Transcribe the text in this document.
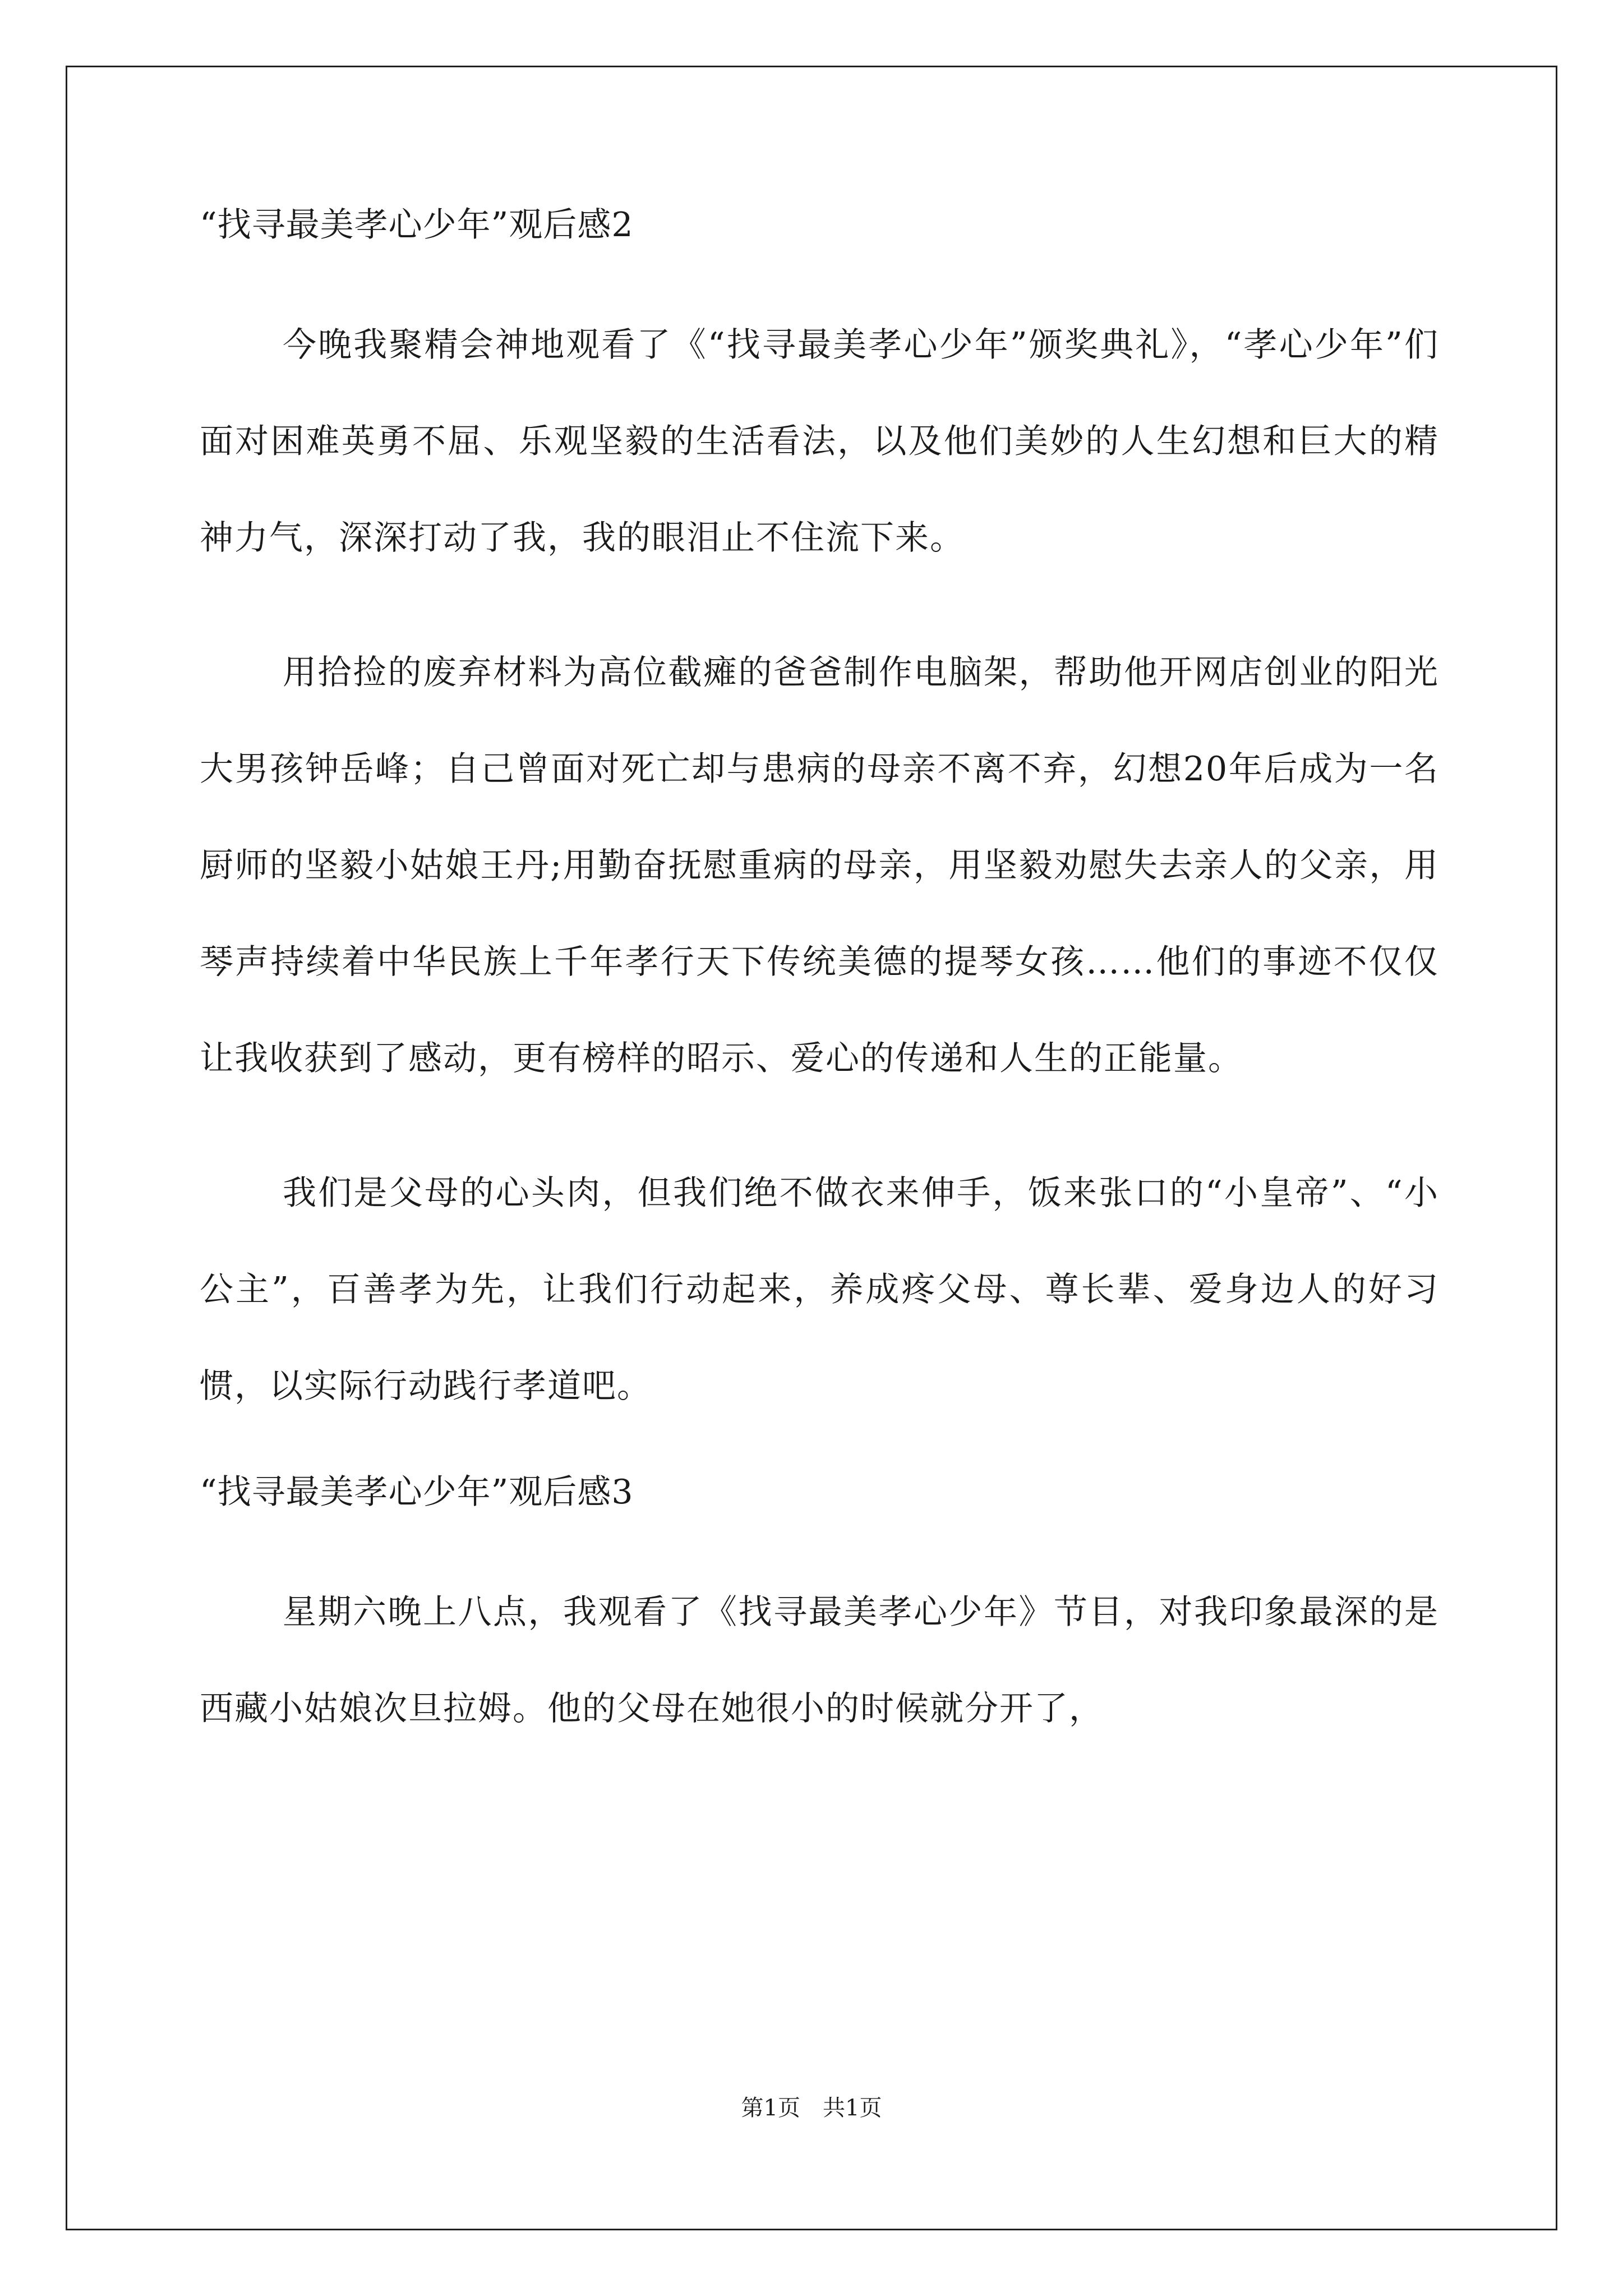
“找寻最美孝心少年”观后感2

今晚我聚精会神地观看了《“找寻最美孝心少年”颁奖典礼》，“孝心少年”们面对困难英勇不屈、乐观坚毅的生活看法，以及他们美妙的人生幻想和巨大的精神力气，深深打动了我，我的眼泪止不住流下来。

用拾捡的废弃材料为高位截瘫的爸爸制作电脑架，帮助他开网店创业的阳光大男孩钟岳峰；自己曾面对死亡却与患病的母亲不离不弃，幻想20年后成为一名厨师的坚毅小姑娘王丹;用勤奋抚慰重病的母亲，用坚毅劝慰失去亲人的父亲，用琴声持续着中华民族上千年孝行天下传统美德的提琴女孩……他们的事迹不仅仅让我收获到了感动，更有榜样的昭示、爱心的传递和人生的正能量。

我们是父母的心头肉，但我们绝不做衣来伸手，饭来张口的“小皇帝”、“小公主”，百善孝为先，让我们行动起来，养成疼父母、尊长辈、爱身边人的好习惯，以实际行动践行孝道吧。

“找寻最美孝心少年”观后感3

星期六晚上八点，我观看了《找寻最美孝心少年》节目，对我印象最深的是西藏小姑娘次旦拉姆。他的父母在她很小的时候就分开了，

第1页　共1页
